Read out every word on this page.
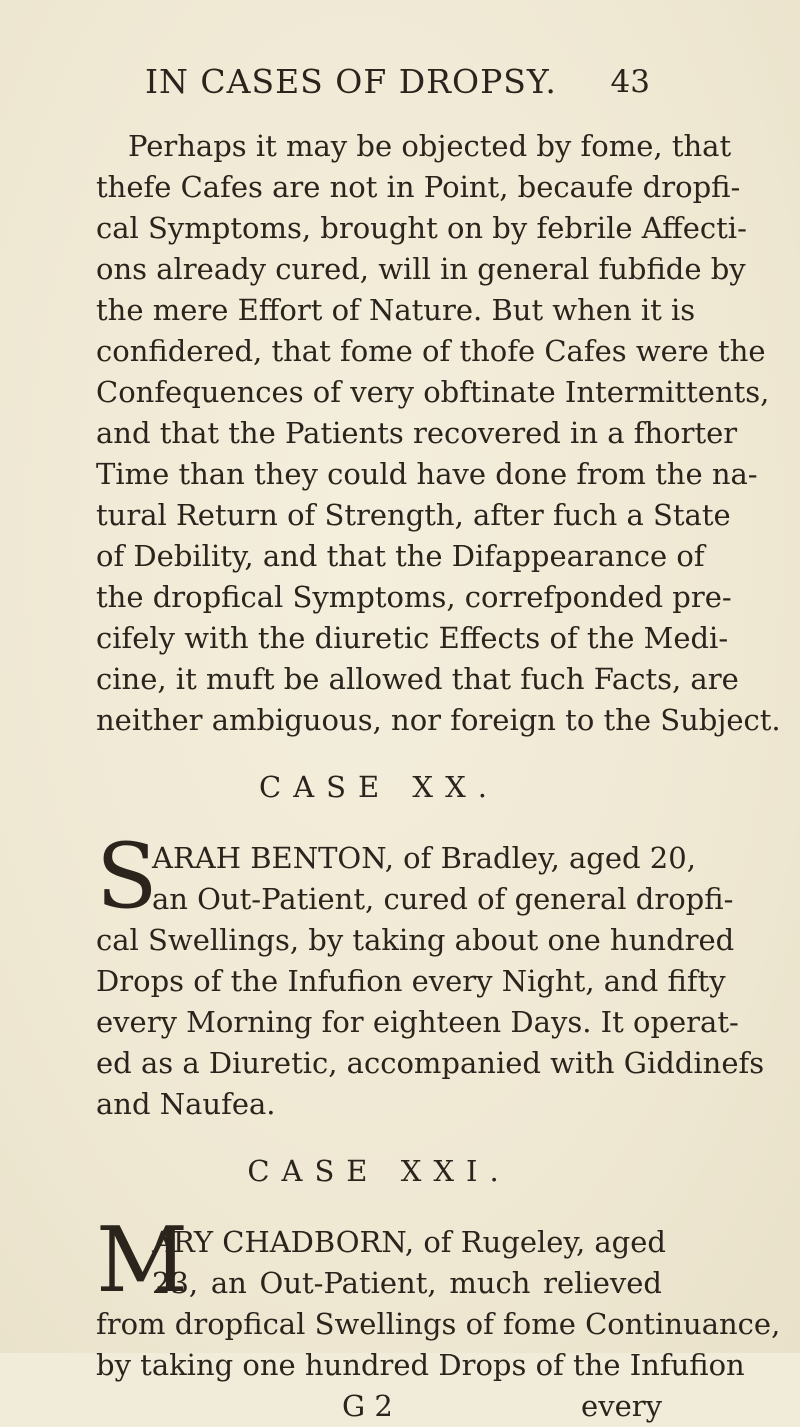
IN CASES OF DROPSY. 43
Perhaps it may be objected by fome, that
thefe Cafes are not in Point, becaufe dropfi-
cal Symptoms, brought on by febrile Affecti-
ons already cured, will in general fubfide by
the mere Effort of Nature. But when it is
confidered, that fome of thofe Cafes were the
Confequences of very obftinate Intermittents,
and that the Patients recovered in a fhorter
Time than they could have done from the na-
tural Return of Strength, after fuch a State
of Debility, and that the Difappearance of
the dropfical Symptoms, correfponded pre-
cifely with the diuretic Effects of the Medi-
cine, it muft be allowed that fuch Facts, are
neither ambiguous, nor foreign to the Subject.
CASE XX.
S
ARAH BENTON, of Bradley, aged 20,
an Out-Patient, cured of general dropfi-
cal Swellings, by taking about one hundred
Drops of the Infufion every Night, and fifty
every Morning for eighteen Days. It operat-
ed as a Diuretic, accompanied with Giddinefs
and Naufea.
CASE XXI.
M
ARY CHADBORN, of Rugeley, aged
23, an Out-Patient, much relieved
from dropfical Swellings of fome Continuance,
by taking one hundred Drops of the Infufion
G 2	every
